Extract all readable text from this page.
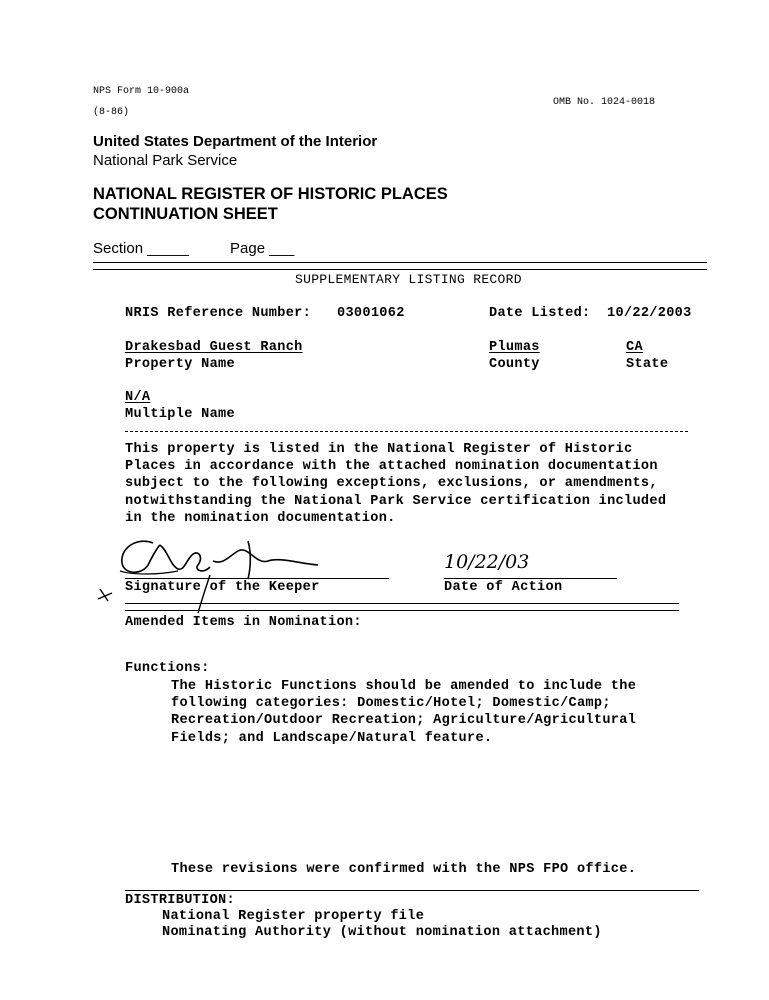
NPS Form 10-900a
(8-86)
OMB No. 1024-0018
United States Department of the Interior
National Park Service
NATIONAL REGISTER OF HISTORIC PLACES
CONTINUATION SHEET
Section _____	Page ___
SUPPLEMENTARY LISTING RECORD
NRIS Reference Number: 03001062	Date Listed: 10/22/2003
Drakesbad Guest Ranch	Plumas	CA
Property Name	County	State
N/A
Multiple Name
This property is listed in the National Register of Historic
Places in accordance with the attached nomination documentation
subject to the following exceptions, exclusions, or amendments,
notwithstanding the National Park Service certification included
in the nomination documentation.
10/22/03
Signature of the Keeper	Date of Action
Amended Items in Nomination:
Functions:
The Historic Functions should be amended to include the
following categories: Domestic/Hotel; Domestic/Camp;
Recreation/Outdoor Recreation; Agriculture/Agricultural
Fields; and Landscape/Natural feature.
These revisions were confirmed with the NPS FPO office.
DISTRIBUTION:
National Register property file
Nominating Authority (without nomination attachment)
